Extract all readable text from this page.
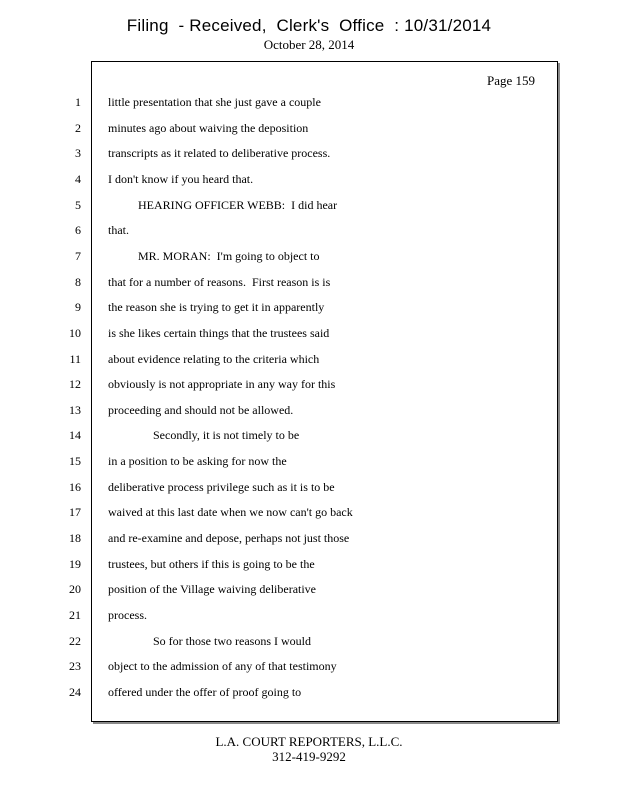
Filing  - Received,  Clerk's  Office  : 10/31/2014
October 28, 2014
Page 159
1 little presentation that she just gave a couple
2 minutes ago about waiving the deposition
3 transcripts as it related to deliberative process.
4 I don't know if you heard that.
5 HEARING OFFICER WEBB:  I did hear
6 that.
7 MR. MORAN:  I'm going to object to
8 that for a number of reasons.  First reason is is
9 the reason she is trying to get it in apparently
10 is she likes certain things that the trustees said
11 about evidence relating to the criteria which
12 obviously is not appropriate in any way for this
13 proceeding and should not be allowed.
14 Secondly, it is not timely to be
15 in a position to be asking for now the
16 deliberative process privilege such as it is to be
17 waived at this last date when we now can't go back
18 and re-examine and depose, perhaps not just those
19 trustees, but others if this is going to be the
20 position of the Village waiving deliberative
21 process.
22 So for those two reasons I would
23 object to the admission of any of that testimony
24 offered under the offer of proof going to
L.A. COURT REPORTERS, L.L.C.
312-419-9292
